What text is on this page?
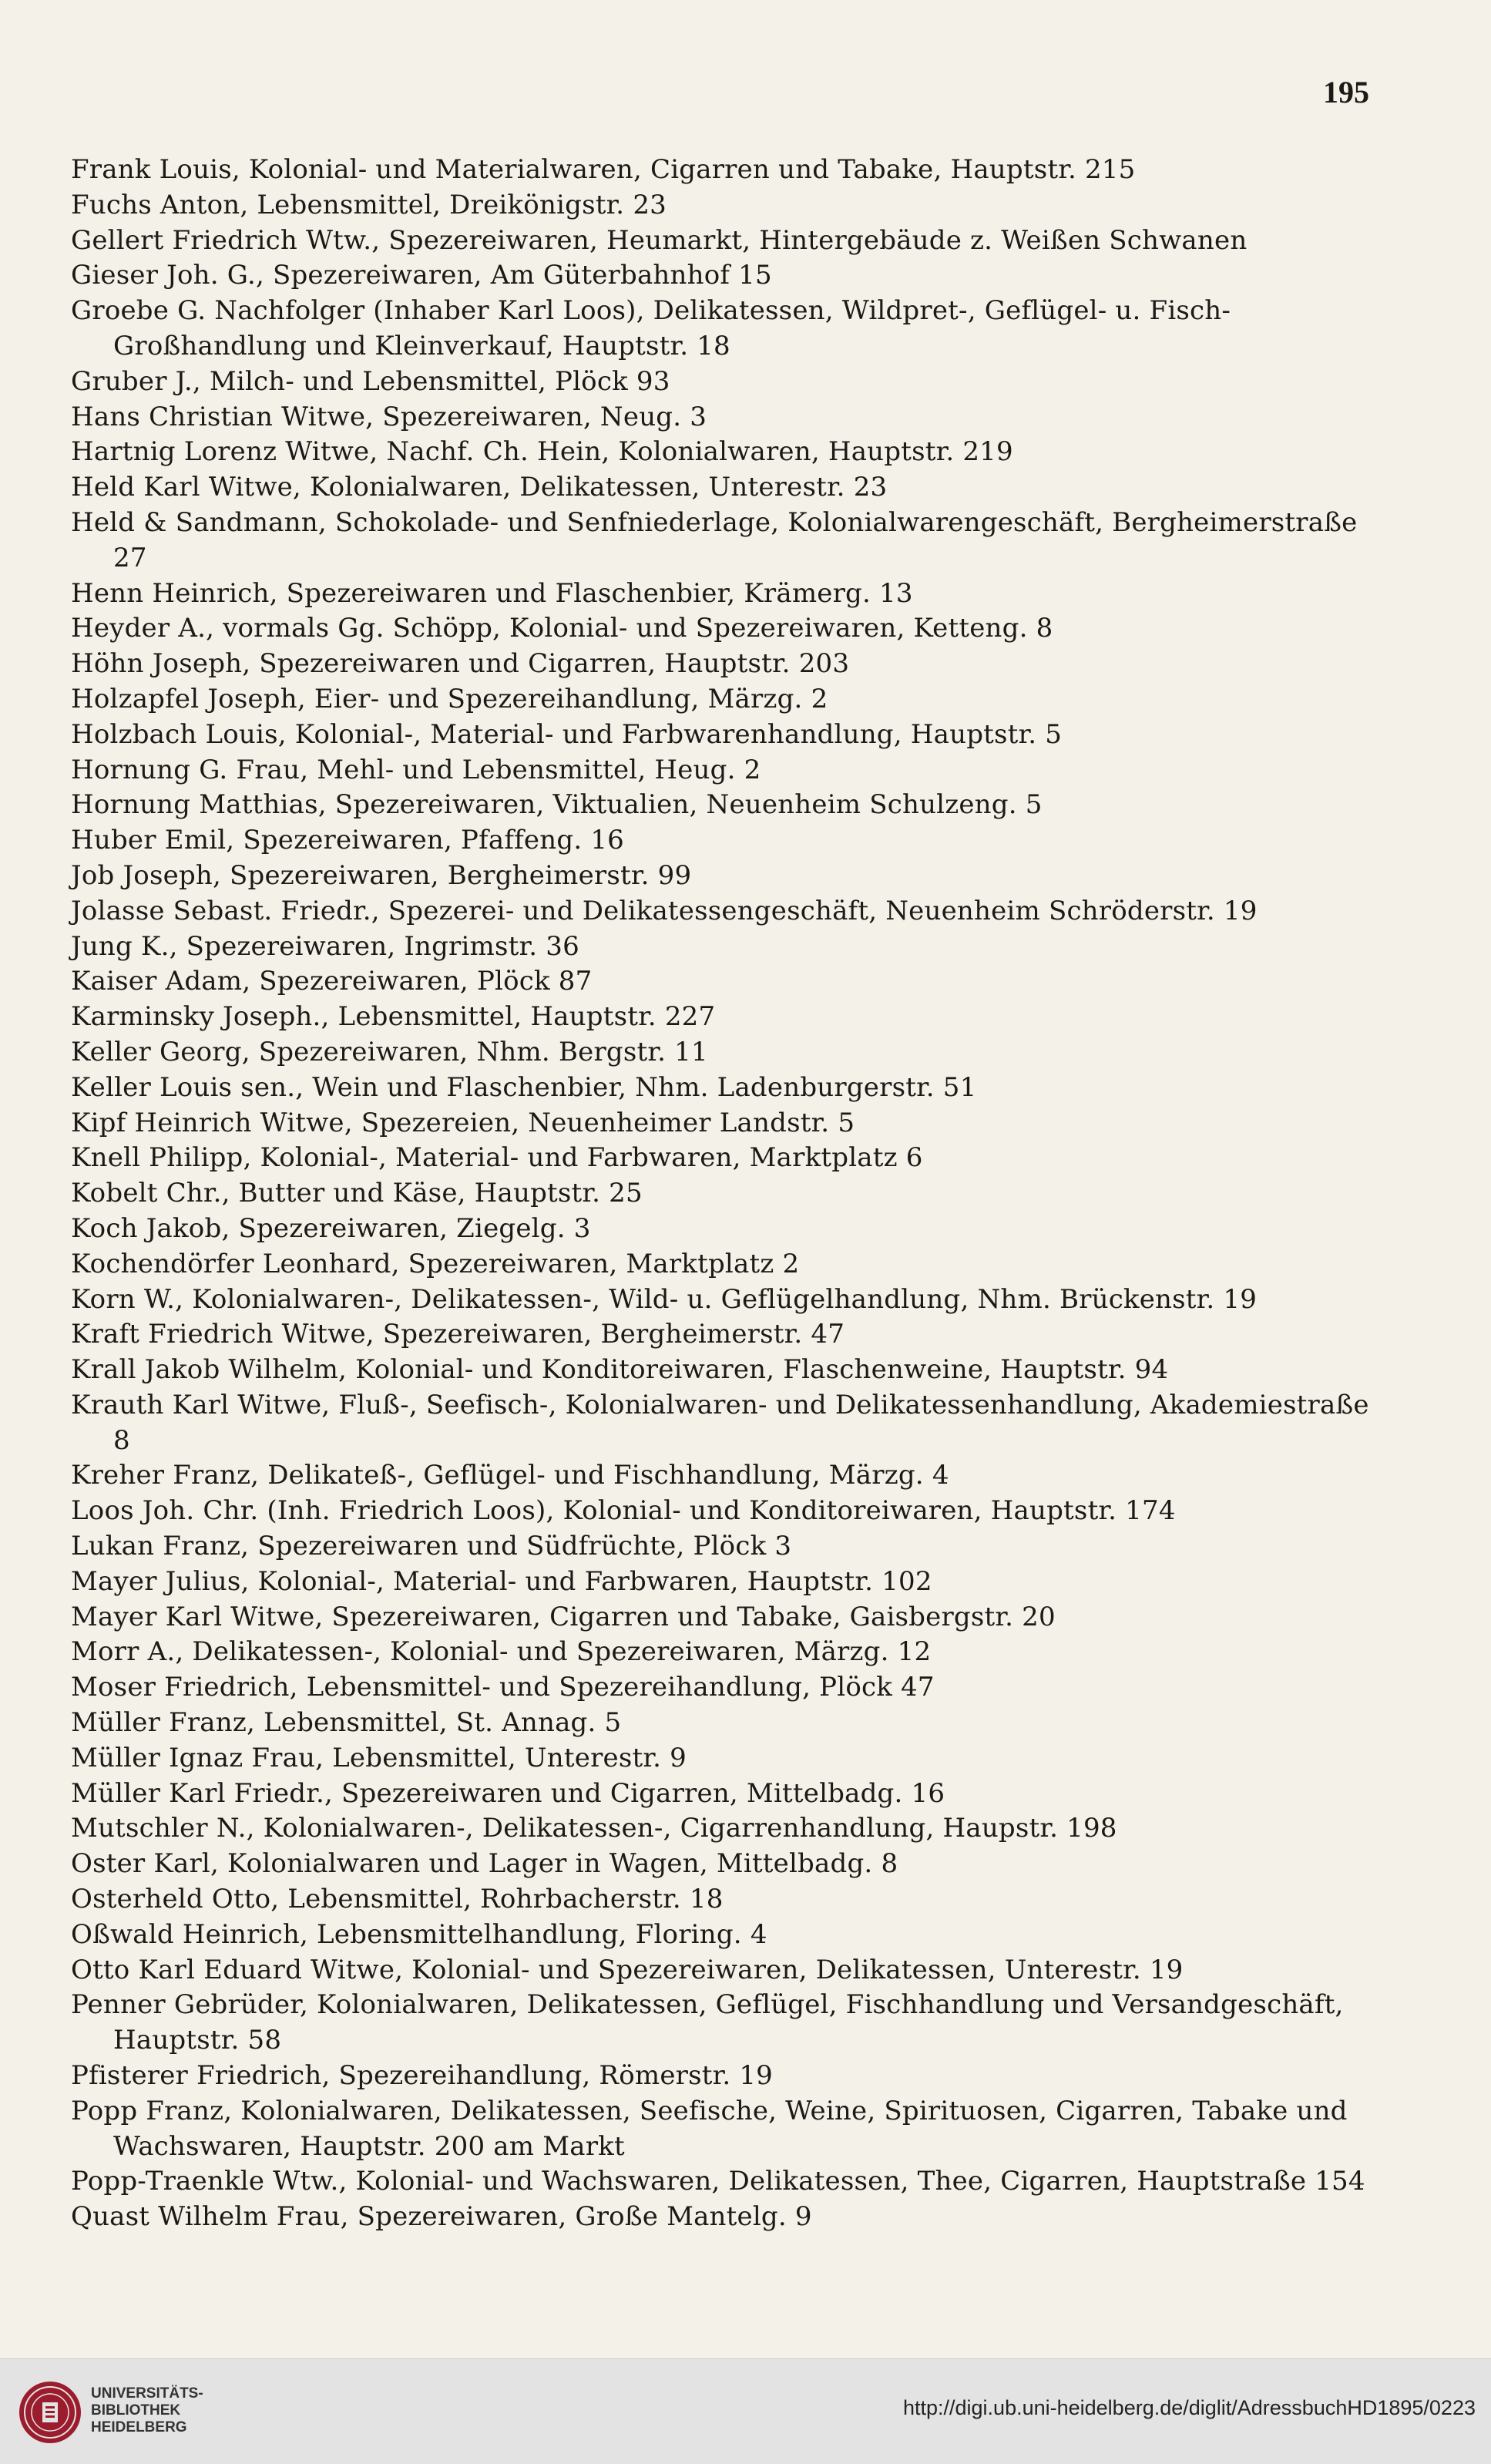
195
Frank Louis, Kolonial- und Materialwaren, Cigarren und Tabake, Hauptstr. 215
Fuchs Anton, Lebensmittel, Dreikönigstr. 23
Gellert Friedrich Wtw., Spezereiwaren, Heumarkt, Hintergebäude z. Weißen Schwanen
Gieser Joh. G., Spezereiwaren, Am Güterbahnhof 15
Groebe G. Nachfolger (Inhaber Karl Loos), Delikatessen, Wildpret-, Geflügel- u. Fisch-Großhandlung und Kleinverkauf, Hauptstr. 18
Gruber J., Milch- und Lebensmittel, Plöck 93
Hans Christian Witwe, Spezereiwaren, Neug. 3
Hartnig Lorenz Witwe, Nachf. Ch. Hein, Kolonialwaren, Hauptstr. 219
Held Karl Witwe, Kolonialwaren, Delikatessen, Unterestr. 23
Held & Sandmann, Schokolade- und Senfniederlage, Kolonialwarengeschäft, Bergheimerstraße 27
Henn Heinrich, Spezereiwaren und Flaschenbier, Krämerg. 13
Heyder A., vormals Gg. Schöpp, Kolonial- und Spezereiwaren, Ketteng. 8
Höhn Joseph, Spezereiwaren und Cigarren, Hauptstr. 203
Holzapfel Joseph, Eier- und Spezereihandlung, Märzg. 2
Holzbach Louis, Kolonial-, Material- und Farbwarenhandlung, Hauptstr. 5
Hornung G. Frau, Mehl- und Lebensmittel, Heug. 2
Hornung Matthias, Spezereiwaren, Viktualien, Neuenheim Schulzeng. 5
Huber Emil, Spezereiwaren, Pfaffeng. 16
Job Joseph, Spezereiwaren, Bergheimerstr. 99
Jolasse Sebast. Friedr., Spezerei- und Delikatessengeschäft, Neuenheim Schröderstr. 19
Jung K., Spezereiwaren, Ingrimstr. 36
Kaiser Adam, Spezereiwaren, Plöck 87
Karminsky Joseph., Lebensmittel, Hauptstr. 227
Keller Georg, Spezereiwaren, Nhm. Bergstr. 11
Keller Louis sen., Wein und Flaschenbier, Nhm. Ladenburgerstr. 51
Kipf Heinrich Witwe, Spezereien, Neuenheimer Landstr. 5
Knell Philipp, Kolonial-, Material- und Farbwaren, Marktplatz 6
Kobelt Chr., Butter und Käse, Hauptstr. 25
Koch Jakob, Spezereiwaren, Ziegelg. 3
Kochendörfer Leonhard, Spezereiwaren, Marktplatz 2
Korn W., Kolonialwaren-, Delikatessen-, Wild- u. Geflügelhandlung, Nhm. Brückenstr. 19
Kraft Friedrich Witwe, Spezereiwaren, Bergheimerstr. 47
Krall Jakob Wilhelm, Kolonial- und Konditoreiwaren, Flaschenweine, Hauptstr. 94
Krauth Karl Witwe, Fluß-, Seefisch-, Kolonialwaren- und Delikatessenhandlung, Akademiestraße 8
Kreher Franz, Delikateß-, Geflügel- und Fischhandlung, Märzg. 4
Loos Joh. Chr. (Inh. Friedrich Loos), Kolonial- und Konditoreiwaren, Hauptstr. 174
Lukan Franz, Spezereiwaren und Südfrüchte, Plöck 3
Mayer Julius, Kolonial-, Material- und Farbwaren, Hauptstr. 102
Mayer Karl Witwe, Spezereiwaren, Cigarren und Tabake, Gaisbergstr. 20
Morr A., Delikatessen-, Kolonial- und Spezereiwaren, Märzg. 12
Moser Friedrich, Lebensmittel- und Spezereihandlung, Plöck 47
Müller Franz, Lebensmittel, St. Annag. 5
Müller Ignaz Frau, Lebensmittel, Unterestr. 9
Müller Karl Friedr., Spezereiwaren und Cigarren, Mittelbadg. 16
Mutschler N., Kolonialwaren-, Delikatessen-, Cigarrenhandlung, Haupstr. 198
Oster Karl, Kolonialwaren und Lager in Wagen, Mittelbadg. 8
Osterheld Otto, Lebensmittel, Rohrbacherstr. 18
Oßwald Heinrich, Lebensmittelhandlung, Floring. 4
Otto Karl Eduard Witwe, Kolonial- und Spezereiwaren, Delikatessen, Unterestr. 19
Penner Gebrüder, Kolonialwaren, Delikatessen, Geflügel, Fischhandlung und Versandgeschäft, Hauptstr. 58
Pfisterer Friedrich, Spezereihandlung, Römerstr. 19
Popp Franz, Kolonialwaren, Delikatessen, Seefische, Weine, Spirituosen, Cigarren, Tabake und Wachswaren, Hauptstr. 200 am Markt
Popp-Traenkle Wtw., Kolonial- und Wachswaren, Delikatessen, Thee, Cigarren, Hauptstraße 154
Quast Wilhelm Frau, Spezereiwaren, Große Mantelg. 9
UNIVERSITÄTS-
BIBLIOTHEK
HEIDELBERG
http://digi.ub.uni-heidelberg.de/diglit/AdressbuchHD1895/0223
